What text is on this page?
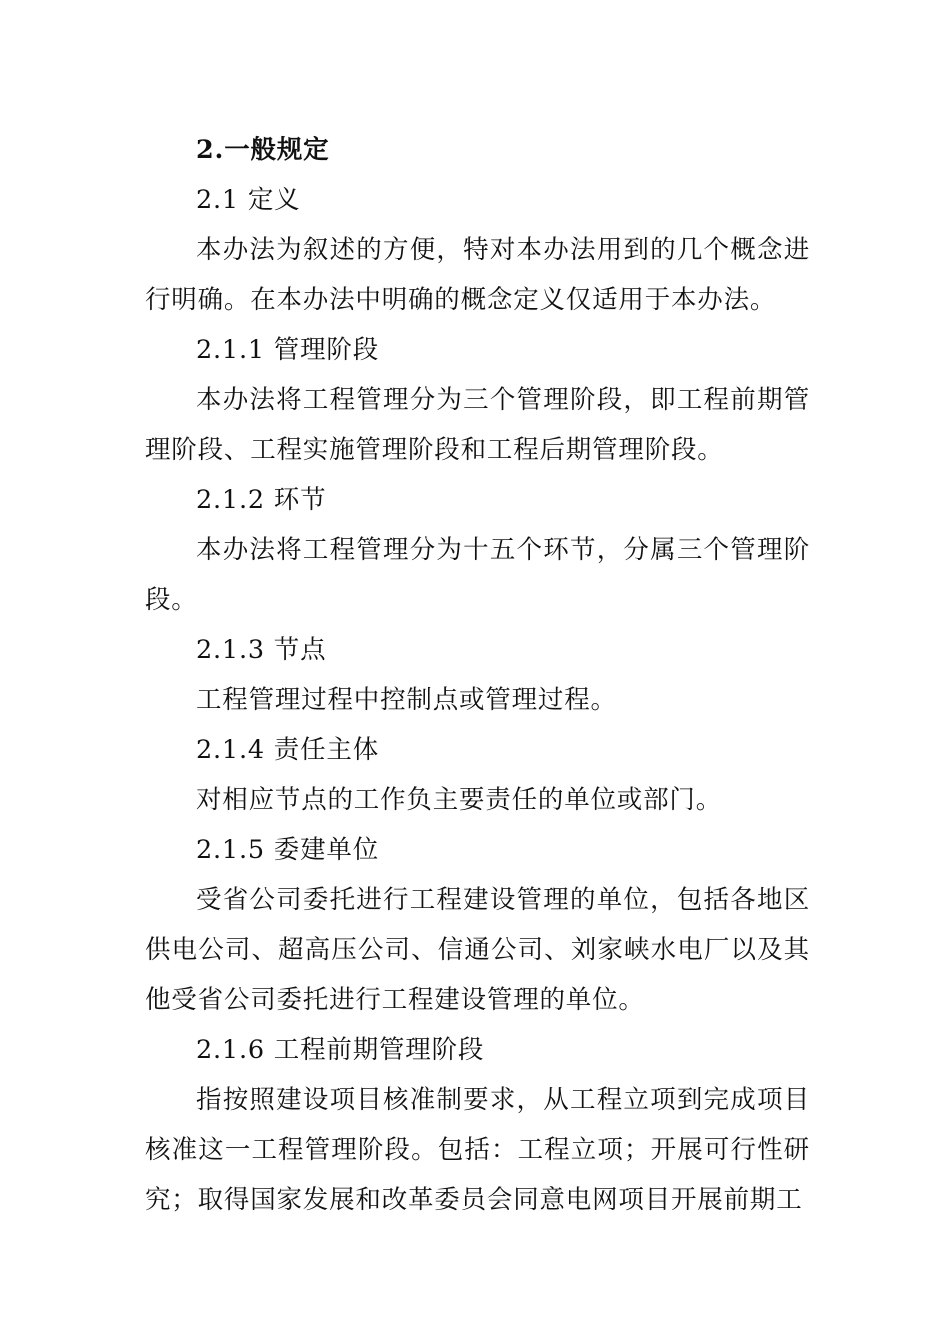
2.一般规定

2.1 定义

本办法为叙述的方便，特对本办法用到的几个概念进行明确。在本办法中明确的概念定义仅适用于本办法。

2.1.1 管理阶段

本办法将工程管理分为三个管理阶段，即工程前期管理阶段、工程实施管理阶段和工程后期管理阶段。

2.1.2 环节

本办法将工程管理分为十五个环节，分属三个管理阶段。

2.1.3 节点

工程管理过程中控制点或管理过程。

2.1.4 责任主体

对相应节点的工作负主要责任的单位或部门。

2.1.5 委建单位

受省公司委托进行工程建设管理的单位，包括各地区供电公司、超高压公司、信通公司、刘家峡水电厂以及其他受省公司委托进行工程建设管理的单位。

2.1.6 工程前期管理阶段

指按照建设项目核准制要求，从工程立项到完成项目核准这一工程管理阶段。包括：工程立项；开展可行性研究；取得国家发展和改革委员会同意电网项目开展前期工
